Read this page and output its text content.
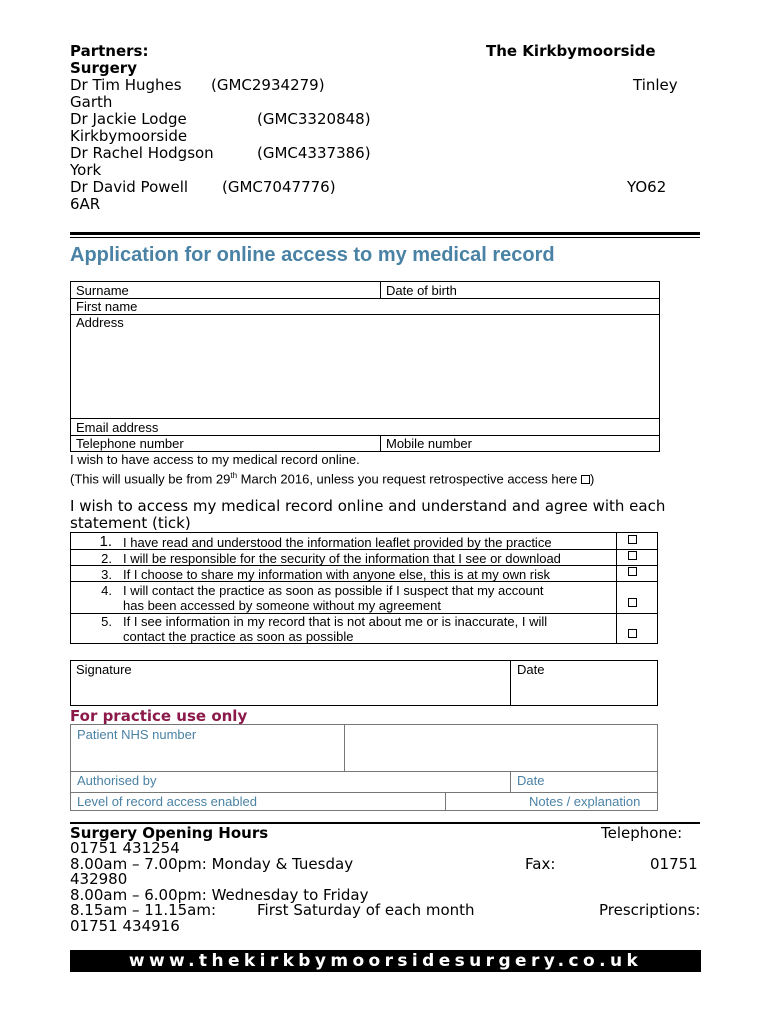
Partners:	The Kirkbymoorside
Surgery
Dr Tim Hughes (GMC2934279)	Tinley
Garth
Dr Jackie Lodge	(GMC3320848)
Kirkbymoorside
Dr Rachel Hodgson	(GMC4337386)
York
Dr David Powell (GMC7047776)	YO62
6AR
Application for online access to my medical record
Surname	Date of birth
First name
Address
Email address
Telephone number	Mobile number
I wish to have access to my medical record online.
(This will usually be from 29th March 2016, unless you request retrospective access here )
I wish to access my medical record online and understand and agree with each statement (tick)
1. I have read and understood the information leaflet provided by the practice
2. I will be responsible for the security of the information that I see or download
3. If I choose to share my information with anyone else, this is at my own risk
4. I will contact the practice as soon as possible if I suspect that my account
has been accessed by someone without my agreement
5. If I see information in my record that is not about me or is inaccurate, I will
contact the practice as soon as possible
Signature	Date
For practice use only
Patient NHS number
Authorised by	Date
Level of record access enabled	Notes / explanation
Surgery Opening Hours	Telephone:
01751 431254
8.00am – 7.00pm: Monday & Tuesday	Fax:	01751
432980
8.00am – 6.00pm: Wednesday to Friday
8.15am – 11.15am:	First Saturday of each month	Prescriptions:
01751 434916
www.thekirkbymoorsidesurgery.co.uk
